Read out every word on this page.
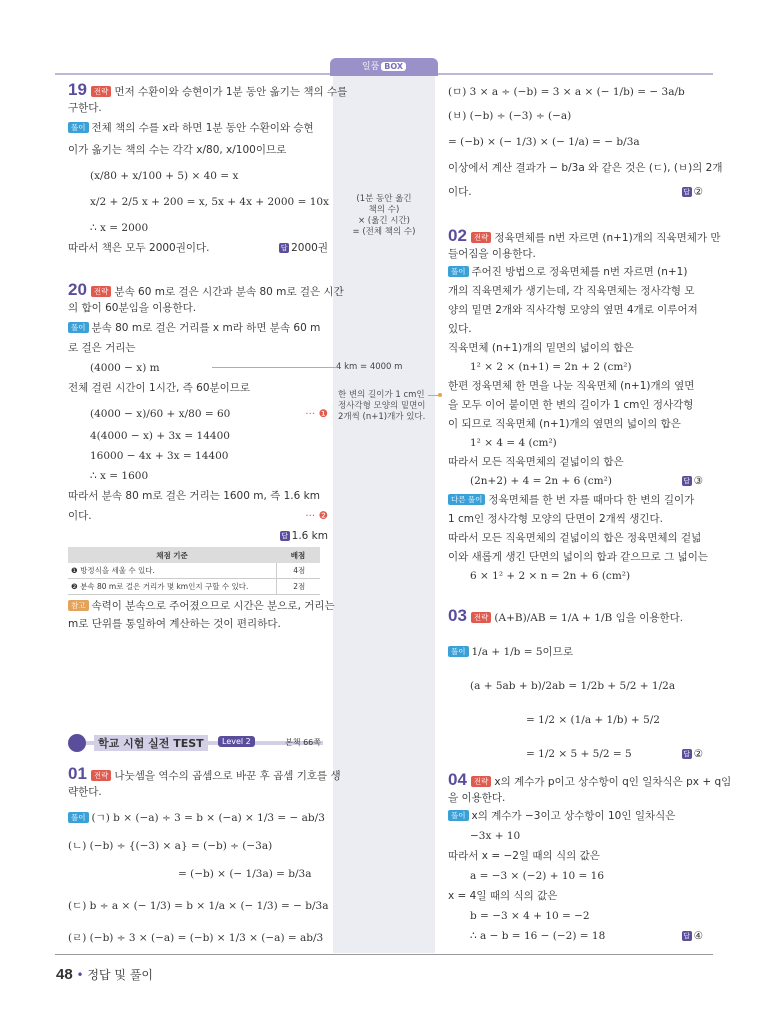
일품 BOX
19 전략 먼저 수환이와 승현이가 1분 동안 옮기는 책의 수를
구한다.
풀이 전체 책의 수를 x라 하면 1분 동안 수환이와 승현
이가 옮기는 책의 수는 각각 x/80, x/100이므로
(x/80 + x/100 + 5) × 40 = x
x/2 + 2/5 x + 200 = x, 5x + 4x + 2000 = 10x
∴ x = 2000
따라서 책은 모두 2000권이다.	답 2000권
20 전략 분속 60 m로 걸은 시간과 분속 80 m로 걸은 시간
의 합이 60분임을 이용한다.
풀이 분속 80 m로 걸은 거리를 x m라 하면 분속 60 m
로 걸은 거리는
(4000 − x) m
전체 걸린 시간이 1시간, 즉 60분이므로
(4000 − x)/60 + x/80 = 60	··· ❶
4(4000 − x) + 3x = 14400
16000 − 4x + 3x = 14400
∴ x = 1600
따라서 분속 80 m로 걸은 거리는 1600 m, 즉 1.6 km
이다.	··· ❷
답 1.6 km
채점 기준	배점
❶ 방정식을 세울 수 있다.	4점
❷ 분속 80 m로 걸은 거리가 몇 km인지 구할 수 있다.	2점
참고 속력이 분속으로 주어졌으므로 시간은 분으로, 거리는
m로 단위를 통일하여 계산하는 것이 편리하다.
학교 시험 실전 TEST	Level 2	본책 66쪽
01 전략 나눗셈을 역수의 곱셈으로 바꾼 후 곱셈 기호를 생
략한다.
풀이 (ㄱ) b × (−a) ÷ 3 = b × (−a) × 1/3 = − ab/3
(ㄴ) (−b) ÷ {(−3) × a} = (−b) ÷ (−3a)
= (−b) × (− 1/3a) = b/3a
(ㄷ) b ÷ a × (− 1/3) = b × 1/a × (− 1/3) = − b/3a
(ㄹ) (−b) ÷ 3 × (−a) = (−b) × 1/3 × (−a) = ab/3
(1분 동안 옮긴
책의 수)
× (옮긴 시간)
= (전체 책의 수)
4 km = 4000 m
한 변의 길이가 1 cm인
정사각형 모양의 밑면이
2개씩 (n+1)개가 있다.
(ㅁ) 3 × a ÷ (−b) = 3 × a × (− 1/b) = − 3a/b
(ㅂ) (−b) ÷ (−3) ÷ (−a)
= (−b) × (− 1/3) × (− 1/a) = − b/3a
이상에서 계산 결과가 − b/3a 와 같은 것은 (ㄷ), (ㅂ)의 2개
이다.	답 ②
02 전략 정육면체를 n번 자르면 (n+1)개의 직육면체가 만
들어짐을 이용한다.
풀이 주어진 방법으로 정육면체를 n번 자르면 (n+1)
개의 직육면체가 생기는데, 각 직육면체는 정사각형 모
양의 밑면 2개와 직사각형 모양의 옆면 4개로 이루어져
있다.
직육면체 (n+1)개의 밑면의 넓이의 합은
1² × 2 × (n+1) = 2n + 2 (cm²)
한편 정육면체 한 면을 나눈 직육면체 (n+1)개의 옆면
을 모두 이어 붙이면 한 변의 길이가 1 cm인 정사각형
이 되므로 직육면체 (n+1)개의 옆면의 넓이의 합은
1² × 4 = 4 (cm²)
따라서 모든 직육면체의 겉넓이의 합은
(2n+2) + 4 = 2n + 6 (cm²)	답 ③
다른 풀이 정육면체를 한 번 자를 때마다 한 변의 길이가
1 cm인 정사각형 모양의 단면이 2개씩 생긴다.
따라서 모든 직육면체의 겉넓이의 합은 정육면체의 겉넓
이와 새롭게 생긴 단면의 넓이의 합과 같으므로 그 넓이는
6 × 1² + 2 × n = 2n + 6 (cm²)
03 전략 (A+B)/AB = 1/A + 1/B 임을 이용한다.
풀이 1/a + 1/b = 5이므로
(a + 5ab + b)/2ab = 1/2b + 5/2 + 1/2a
= 1/2 × (1/a + 1/b) + 5/2
= 1/2 × 5 + 5/2 = 5	답 ②
04 전략 x의 계수가 p이고 상수항이 q인 일차식은 px + q임
을 이용한다.
풀이 x의 계수가 −3이고 상수항이 10인 일차식은
−3x + 10
따라서 x = −2일 때의 식의 값은
a = −3 × (−2) + 10 = 16
x = 4일 때의 식의 값은
b = −3 × 4 + 10 = −2
∴ a − b = 16 − (−2) = 18	답 ④
48 • 정답 및 풀이
